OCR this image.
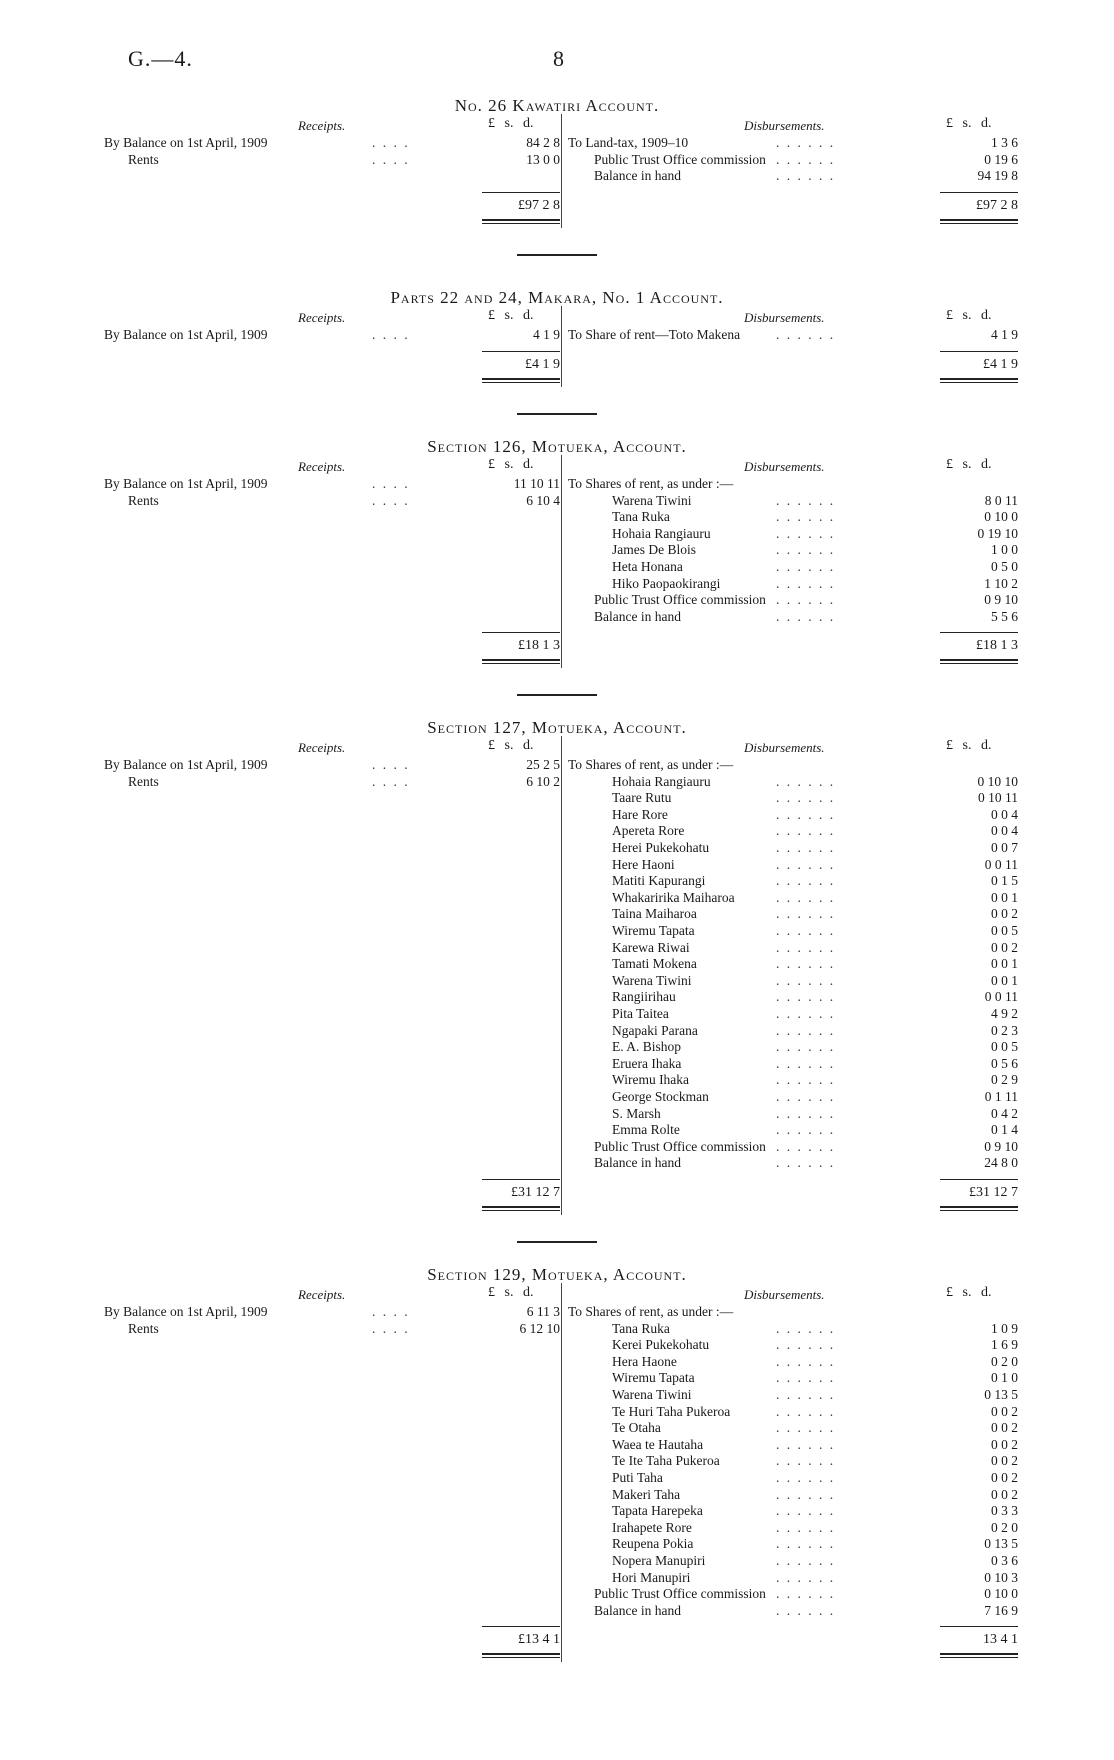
G.—4.	8
No. 26 Kawatiri Account.
Receipts.	Disbursements.
£ s. d.	£ s. d.
By Balance on 1st April, 1909	. . . .	84 2 8
Rents	. . . .	13 0 0
To Land-tax, 1909–10	. . . . . .	1 3 6
Public Trust Office commission . . . . . .	0 19 6
Balance in hand	. . . . . .	94 19 8
£97 2 8	£97 2 8
Parts 22 and 24, Makara, No. 1 Account.
Receipts.	Disbursements.
£ s. d.	£ s. d.
By Balance on 1st April, 1909	. . . .	4 1 9 To Share of rent—Toto Makena	. . . . . .	4 1 9
£4 1 9	£4 1 9
Section 126, Motueka, Account.
Receipts.	Disbursements.
£ s. d.	£ s. d.
By Balance on 1st April, 1909	. . . .	11 10 11
Rents	. . . .	6 10 4
To Shares of rent, as under :—
Warena Tiwini	. . . . . .	8 0 11
Tana Ruka	. . . . . .	0 10 0
Hohaia Rangiauru	. . . . . .	0 19 10
James De Blois	. . . . . .	1 0 0
Heta Honana	. . . . . .	0 5 0
Hiko Paopaokirangi	. . . . . .	1 10 2
Public Trust Office commission . . . . . .	0 9 10
Balance in hand	. . . . . .	5 5 6
£18 1 3	£18 1 3
Section 127, Motueka, Account.
Receipts.	Disbursements.
£ s. d.	£ s. d.
By Balance on 1st April, 1909	. . . .	25 2 5
Rents	. . . .	6 10 2
To Shares of rent, as under :—
Hohaia Rangiauru	. . . . . .	0 10 10
Taare Rutu	. . . . . .	0 10 11
Hare Rore	. . . . . .	0 0 4
Apereta Rore	. . . . . .	0 0 4
Herei Pukekohatu	. . . . . .	0 0 7
Here Haoni	. . . . . .	0 0 11
Matiti Kapurangi	. . . . . .	0 1 5
Whakaririka Maiharoa	. . . . . .	0 0 1
Taina Maiharoa	. . . . . .	0 0 2
Wiremu Tapata	. . . . . .	0 0 5
Karewa Riwai	. . . . . .	0 0 2
Tamati Mokena	. . . . . .	0 0 1
Warena Tiwini	. . . . . .	0 0 1
Rangiirihau	. . . . . .	0 0 11
Pita Taitea	. . . . . .	4 9 2
Ngapaki Parana	. . . . . .	0 2 3
E. A. Bishop	. . . . . .	0 0 5
Eruera Ihaka	. . . . . .	0 5 6
Wiremu Ihaka	. . . . . .	0 2 9
George Stockman	. . . . . .	0 1 11
S. Marsh	. . . . . .	0 4 2
Emma Rolte	. . . . . .	0 1 4
Public Trust Office commission . . . . . .	0 9 10
Balance in hand	. . . . . .	24 8 0
£31 12 7	£31 12 7
Section 129, Motueka, Account.
Receipts.	Disbursements.
£ s. d.	£ s. d.
By Balance on 1st April, 1909	. . . .	6 11 3
Rents	. . . .	6 12 10
To Shares of rent, as under :—
Tana Ruka	. . . . . .	1 0 9
Kerei Pukekohatu	. . . . . .	1 6 9
Hera Haone	. . . . . .	0 2 0
Wiremu Tapata	. . . . . .	0 1 0
Warena Tiwini	. . . . . .	0 13 5
Te Huri Taha Pukeroa	. . . . . .	0 0 2
Te Otaha	. . . . . .	0 0 2
Waea te Hautaha	. . . . . .	0 0 2
Te Ite Taha Pukeroa	. . . . . .	0 0 2
Puti Taha	. . . . . .	0 0 2
Makeri Taha	. . . . . .	0 0 2
Tapata Harepeka	. . . . . .	0 3 3
Irahapete Rore	. . . . . .	0 2 0
Reupena Pokia	. . . . . .	0 13 5
Nopera Manupiri	. . . . . .	0 3 6
Hori Manupiri	. . . . . .	0 10 3
Public Trust Office commission . . . . . .	0 10 0
Balance in hand	. . . . . .	7 16 9
£13 4 1	13 4 1
